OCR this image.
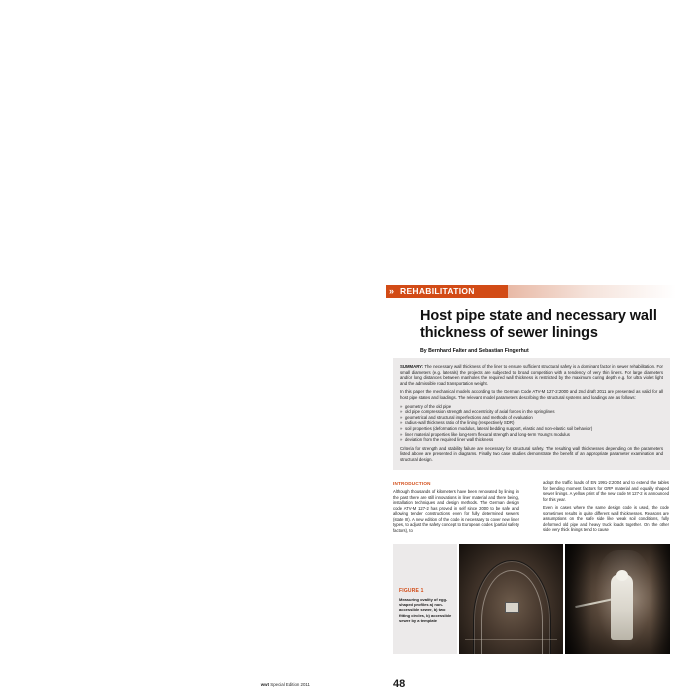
» REHABILITATION
Host pipe state and necessary wall thickness of sewer linings
By Bernhard Falter and Sebastian Fingerhut

SUMMARY: The necessary wall thickness of the liner to ensure sufficient structural safety is a dominant factor in sewer rehabilitation. For small diameters (e.g. laterals) the projects are subjected to broad competition with a tendency of very thin liners. For large diameters and/or long distances between manholes the required wall thickness is restricted by the maximum curing depth e.g. for ultra violet light and the admissible road transportation weight.

In this paper the mechanical models according to the German Code ATV-M 127-2:2000 and 2nd draft 2011 are presented as valid for all host pipe states and loadings. The relevant model parameters describing the structural systems and loadings are as follows:

» geometry of the old pipe
» old pipe compression strength and eccentricity of axial forces in the springlines
» geometrical and structural imperfections and methods of evaluation
» radius-wall thickness ratio of the lining (respectively SDR)
» soil properties (deformation modulus, lateral bedding support, elastic and non-elastic soil behavior)
» liner material properties like long-term flexural strength and long-term Young's modulus
» deviation from the required liner wall thickness

Criteria for strength and stability failure are necessary for structural safety. The resulting wall thicknesses depending on the parameters listed above are presented in diagrams. Finally two case studies demonstrate the benefit of an appropriate parameter examination and structural design.

INTRODUCTION

Although thousands of kilometers have been renovated by lining in the past there are still innovations in liner material and there being, installation techniques and design methods. The German design code ATV-M 127-2 has proved in self since 2000 to be safe and allowing tender constructions even for fully determined sewers (state III). A new edition of the code is necessary to cover new liner types, to adjust the safety concept to European codes (partial safety factors), to

adopt the traffic loads of EN 1991-2:2004 and to extend the tables for bending moment factors for GRP material and equally shaped sewer linings. A yellow print of the new code M 127-2 is announced for this year.

Even in cases where the same design code is used, the code sometimes results in quite different wall thicknesses. Reasons are assumptions on the safe side like weak soil conditions, fully deformed old pipe and heavy truck loads together. On the other side very thick linings tend to cause

FIGURE 1
Measuring ovality of egg-shaped profiles a) non-accessible sewer, b) two fitting circles, b) accessible sewer by a template
48
wwt Special Edition 2011
